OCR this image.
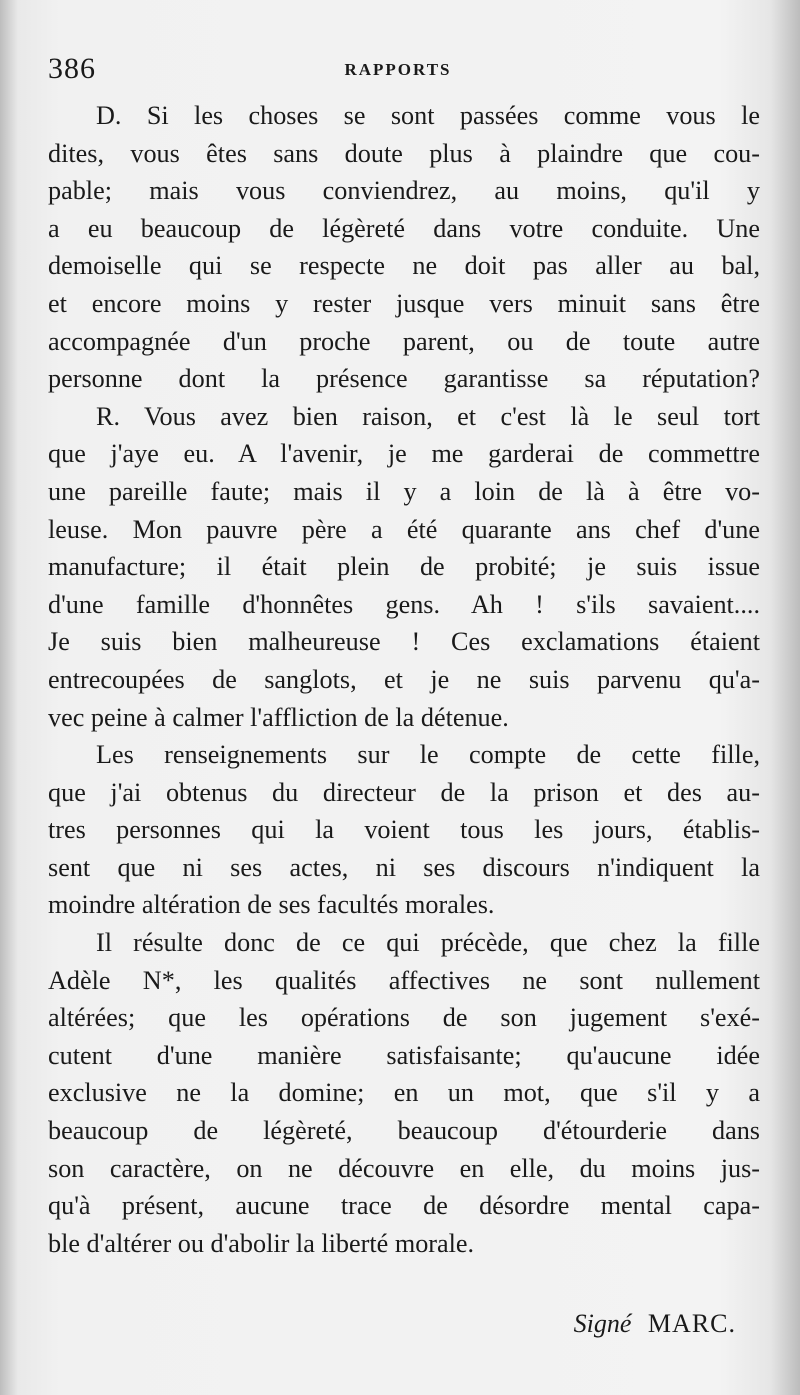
386	RAPPORTS

D. Si les choses se sont passées comme vous le
dites, vous êtes sans doute plus à plaindre que cou-
pable; mais vous conviendrez, au moins, qu'il y
a eu beaucoup de légèreté dans votre conduite. Une
demoiselle qui se respecte ne doit pas aller au bal,
et encore moins y rester jusque vers minuit sans être
accompagnée d'un proche parent, ou de toute autre
personne dont la présence garantisse sa réputation?

R. Vous avez bien raison, et c'est là le seul tort
que j'aye eu. A l'avenir, je me garderai de commettre
une pareille faute; mais il y a loin de là à être vo-
leuse. Mon pauvre père a été quarante ans chef d'une
manufacture; il était plein de probité; je suis issue
d'une famille d'honnêtes gens. Ah ! s'ils savaient....
Je suis bien malheureuse ! Ces exclamations étaient
entrecoupées de sanglots, et je ne suis parvenu qu'a-
vec peine à calmer l'affliction de la détenue.

Les renseignements sur le compte de cette fille,
que j'ai obtenus du directeur de la prison et des au-
tres personnes qui la voient tous les jours, établis-
sent que ni ses actes, ni ses discours n'indiquent la
moindre altération de ses facultés morales.

Il résulte donc de ce qui précède, que chez la fille
Adèle N*, les qualités affectives ne sont nullement
altérées; que les opérations de son jugement s'exé-
cutent d'une manière satisfaisante; qu'aucune idée
exclusive ne la domine; en un mot, que s'il y a
beaucoup de légèreté, beaucoup d'étourderie dans
son caractère, on ne découvre en elle, du moins jus-
qu'à présent, aucune trace de désordre mental capa-
ble d'altérer ou d'abolir la liberté morale.

Signé MARC.
